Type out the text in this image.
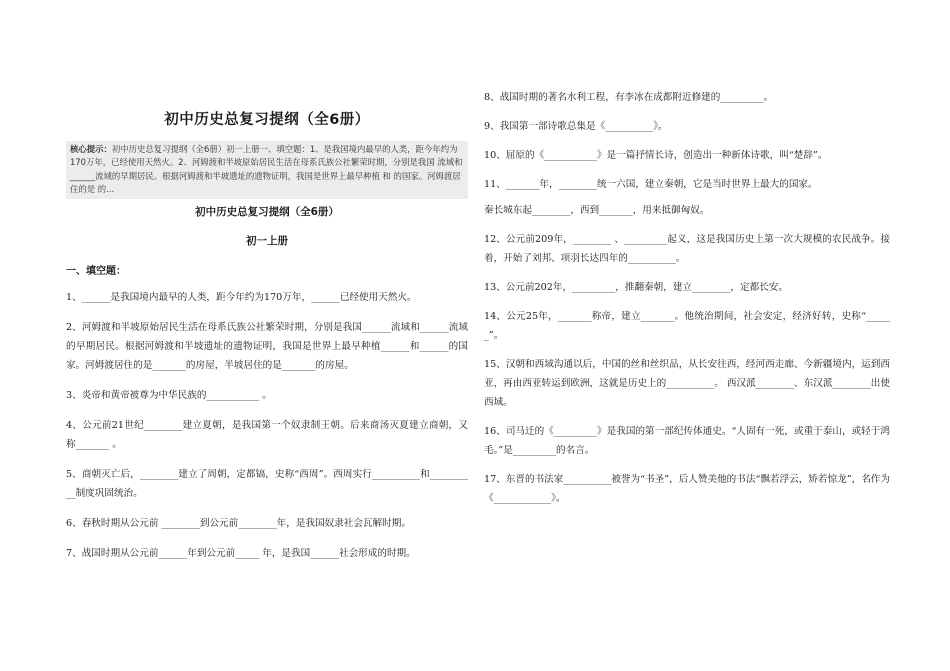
初中历史总复习提纲（全6册）
核心提示：初中历史总复习提纲（全6册）初一上册一、填空题：1、是我国境内最早的人类，距今年约为170万年，已经使用天然火。2、河姆渡和半坡原始居民生活在母系氏族公社繁荣时期，分别是我国 流域和______流域的早期居民。根据河姆渡和半坡遗址的遗物证明，我国是世界上最早种植 和 的国家。河姆渡居住的是 的...
初中历史总复习提纲（全6册）
初一上册
一、填空题：
1、______是我国境内最早的人类，距今年约为170万年，______已经使用天然火。
2、河姆渡和半坡原始居民生活在母系氏族公社繁荣时期，分别是我国______流域和______流域的早期居民。根据河姆渡和半坡遗址的遗物证明，我国是世界上最早种植______和______的国家。河姆渡居住的是_______的房屋，半坡居住的是_______的房屋。
3、炎帝和黄帝被尊为中华民族的___________ 。
4、公元前21世纪________建立夏朝，是我国第一个奴隶制王朝。后来商汤灭夏建立商朝，又称_______ 。
5、商朝灭亡后，________建立了周朝，定都镐，史称“西周”。西周实行__________和__________制度巩固统治。
6、春秋时期从公元前 ________到公元前________年，是我国奴隶社会瓦解时期。
7、战国时期从公元前______年到公元前_____ 年，是我国______社会形成的时期。
8、战国时期的著名水利工程，有李冰在成都附近修建的_________。
9、我国第一部诗歌总集是《__________》。
10、屈原的《___________》是一篇抒情长诗，创造出一种新体诗歌，叫“楚辞”。
11、_______年，________统一六国，建立秦朝，它是当时世界上最大的国家。
秦长城东起________，西到_______，用来抵御匈奴。
12、公元前209年，________ 、_________起义，这是我国历史上第一次大规模的农民战争。接着，开始了刘邦、项羽长达四年的__________。
13、公元前202年，_________，推翻秦朝，建立________，定都长安。
14、公元25年，_______称帝，建立_______。他统治期间，社会安定，经济好转，史称“______”。
15、汉朝和西域沟通以后，中国的丝和丝织品，从长安往西，经河西走廊、今新疆境内，运到西亚，再由西亚转运到欧洲，这就是历史上的__________。 西汉派________、东汉派________出使西域。
16、司马迁的《_________》是我国的第一部纪传体通史。“人固有一死，或重于泰山，或轻于鸿毛。”是_________的名言。
17、东晋的书法家__________被誉为“书圣”，后人赞美他的书法“飘若浮云，矫若惊龙”，名作为《____________》。
